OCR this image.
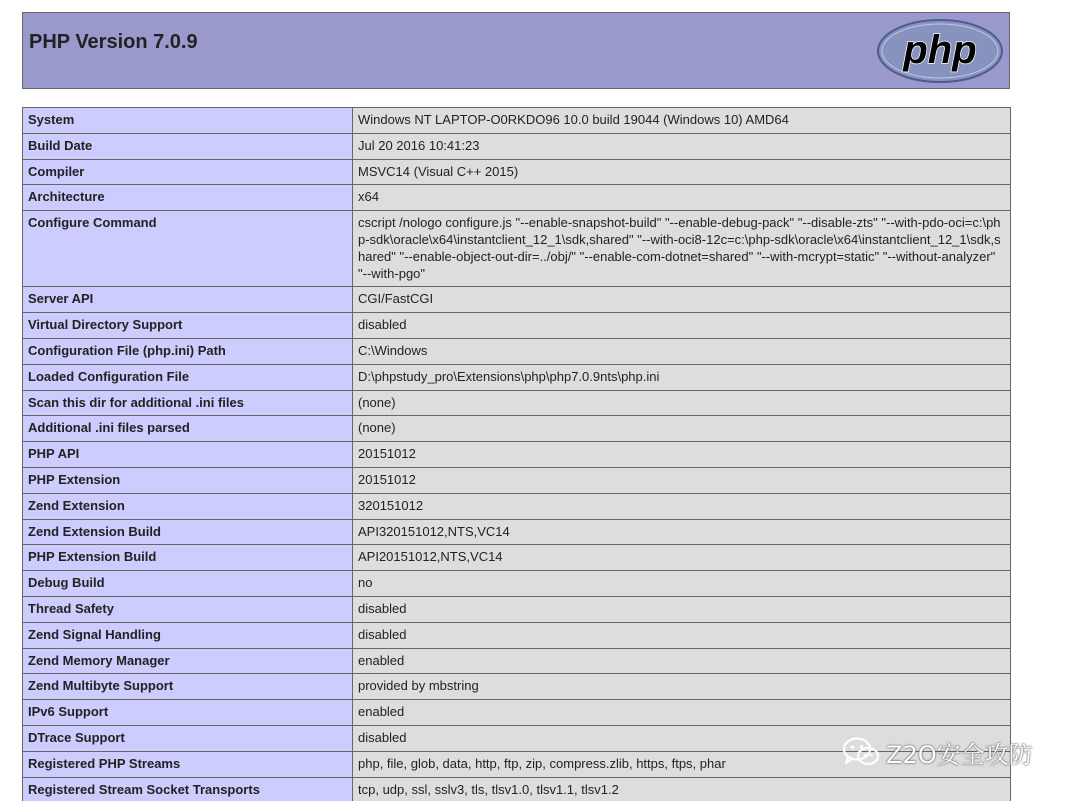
PHP Version 7.0.9	php
System	Windows NT LAPTOP-O0RKDO96 10.0 build 19044 (Windows 10) AMD64
Build Date	Jul 20 2016 10:41:23
Compiler	MSVC14 (Visual C++ 2015)
Architecture	x64
Configure Command	cscript /nologo configure.js "--enable-snapshot-build" "--enable-debug-pack" "--disable-zts" "--with-pdo-oci=c:\php-sdk\oracle\x64\instantclient_12_1\sdk,shared" "--with-oci8-12c=c:\php-sdk\oracle\x64\instantclient_12_1\sdk,shared" "--enable-object-out-dir=../obj/" "--enable-com-dotnet=shared" "--with-mcrypt=static" "--without-analyzer" "--with-pgo"
Server API	CGI/FastCGI
Virtual Directory Support	disabled
Configuration File (php.ini) Path	C:\Windows
Loaded Configuration File	D:\phpstudy_pro\Extensions\php\php7.0.9nts\php.ini
Scan this dir for additional .ini files	(none)
Additional .ini files parsed	(none)
PHP API	20151012
PHP Extension	20151012
Zend Extension	320151012
Zend Extension Build	API320151012,NTS,VC14
PHP Extension Build	API20151012,NTS,VC14
Debug Build	no
Thread Safety	disabled
Zend Signal Handling	disabled
Zend Memory Manager	enabled
Zend Multibyte Support	provided by mbstring
IPv6 Support	enabled
DTrace Support	disabled
Registered PHP Streams	php, file, glob, data, http, ftp, zip, compress.zlib, https, ftps, phar
Registered Stream Socket Transports	tcp, udp, ssl, sslv3, tls, tlsv1.0, tlsv1.1, tlsv1.2
Z2O安全攻防
